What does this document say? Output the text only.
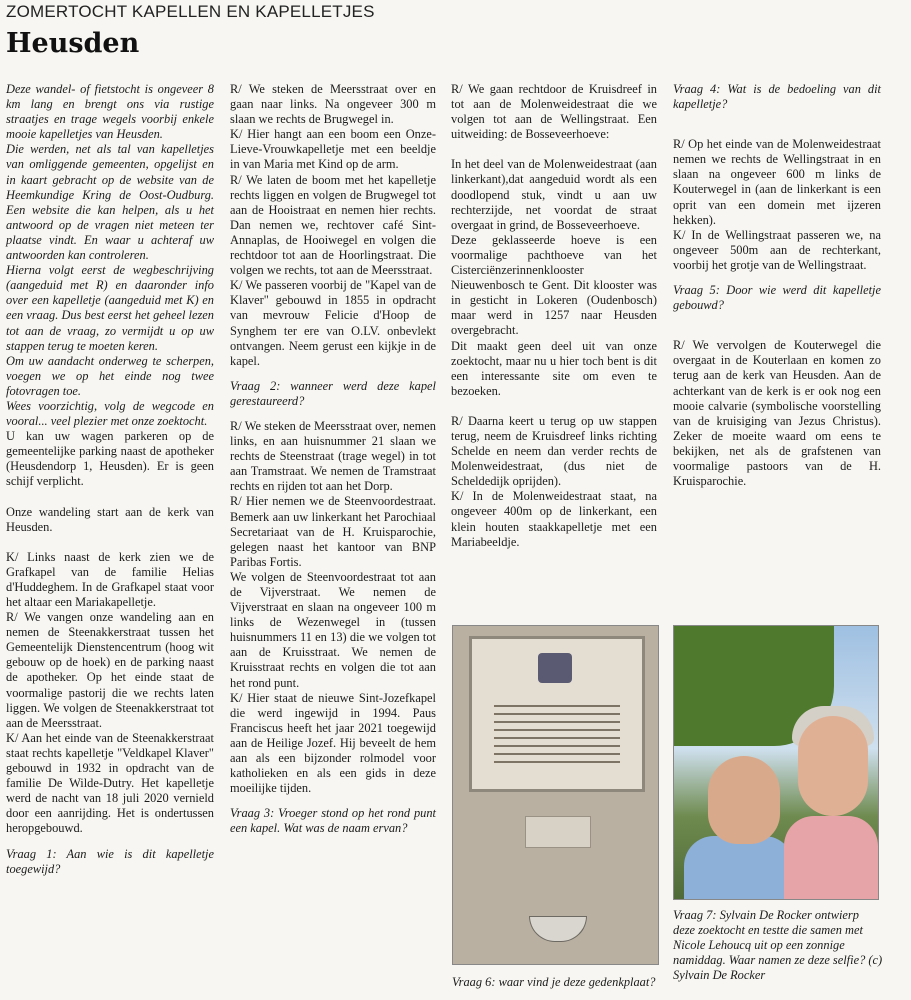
ZOMERTOCHT KAPELLEN EN KAPELLETJES
Heusden

Deze wandel- of fietstocht is ongeveer 8 km lang en brengt ons via rustige straatjes en trage wegels voorbij enkele mooie kapelletjes van Heusden.

Die werden, net als tal van kapelletjes van omliggende gemeenten, opgelijst en in kaart gebracht op de website van de Heemkundige Kring de Oost-Oudburg. Een website die kan helpen, als u het antwoord op de vragen niet meteen ter plaatse vindt. En waar u achteraf uw antwoorden kan controleren.

Hierna volgt eerst de wegbeschrijving (aangeduid met R) en daaronder info over een kapelletje (aangeduid met K) en een vraag. Dus best eerst het geheel lezen tot aan de vraag, zo vermijdt u op uw stappen terug te moeten keren.

Om uw aandacht onderweg te scherpen, voegen we op het einde nog twee fotovragen toe.

Wees voorzichtig, volg de wegcode en vooral... veel plezier met onze zoektocht.

U kan uw wagen parkeren op de gemeentelijke parking naast de apotheker (Heusdendorp 1, Heusden). Er is geen schijf verplicht.

Onze wandeling start aan de kerk van Heusden.

K/ Links naast de kerk zien we de Grafkapel van de familie Helias d'Huddeghem. In de Grafkapel staat voor het altaar een Mariakapelletje.

R/ We vangen onze wandeling aan en nemen de Steenakkerstraat tussen het Gemeentelijk Dienstencentrum (hoog wit gebouw op de hoek) en de parking naast de apotheker. Op het einde staat de voormalige pastorij die we rechts laten liggen. We volgen de Steenakkerstraat tot aan de Meersstraat.

K/ Aan het einde van de Steenakkerstraat staat rechts kapelletje "Veldkapel Klaver" gebouwd in 1932 in opdracht van de familie De Wilde-Dutry. Het kapelletje werd de nacht van 18 juli 2020 vernield door een aanrijding. Het is ondertussen heropgebouwd.

Vraag 1: Aan wie is dit kapelletje toegewijd?

R/ We steken de Meersstraat over en gaan naar links. Na ongeveer 300 m slaan we rechts de Brugwegel in.

K/ Hier hangt aan een boom een Onze-Lieve-Vrouwkapelletje met een beeldje in van Maria met Kind op de arm.

R/ We laten de boom met het kapelletje rechts liggen en volgen de Brugwegel tot aan de Hooistraat en nemen hier rechts. Dan nemen we, rechtover café Sint-Annaplas, de Hooiwegel en volgen die rechtdoor tot aan de Hoorlingstraat. Die volgen we rechts, tot aan de Meersstraat.

K/ We passeren voorbij de "Kapel van de Klaver" gebouwd in 1855 in opdracht van mevrouw Felicie d'Hoop de Synghem ter ere van O.LV. onbevlekt ontvangen. Neem gerust een kijkje in de kapel.

Vraag 2: wanneer werd deze kapel gerestaureerd?

R/ We steken de Meersstraat over, nemen links, en aan huisnummer 21 slaan we rechts de Steenstraat (trage wegel) in tot aan Tramstraat. We nemen de Tramstraat rechts en rijden tot aan het Dorp.

R/ Hier nemen we de Steenvoordestraat. Bemerk aan uw linkerkant het Parochiaal Secretariaat van de H. Kruisparochie, gelegen naast het kantoor van BNP Paribas Fortis.

We volgen de Steenvoordestraat tot aan de Vijverstraat. We nemen de Vijverstraat en slaan na ongeveer 100 m links de Wezenwegel in (tussen huisnummers 11 en 13) die we volgen tot aan de Kruisstraat. We nemen de Kruisstraat rechts en volgen die tot aan het rond punt.

K/ Hier staat de nieuwe Sint-Jozefkapel die werd ingewijd in 1994. Paus Franciscus heeft het jaar 2021 toegewijd aan de Heilige Jozef. Hij beveelt de hem aan als een bijzonder rolmodel voor katholieken en als een gids in deze moeilijke tijden.

Vraag 3: Vroeger stond op het rond punt een kapel. Wat was de naam ervan?

R/ We gaan rechtdoor de Kruisdreef in tot aan de Molenweidestraat die we volgen tot aan de Wellingstraat. Een uitweiding: de Bosseveerhoeve:

In het deel van de Molenweidestraat (aan linkerkant),dat aangeduid wordt als een doodlopend stuk, vindt u aan uw rechterzijde, net voordat de straat overgaat in grind, de Bosseveerhoeve.

Deze geklasseerde hoeve is een voormalige pachthoeve van het Cisterciënzerinnenklooster Nieuwenbosch te Gent. Dit klooster was in gesticht in Lokeren (Oudenbosch) maar werd in 1257 naar Heusden overgebracht.

Dit maakt geen deel uit van onze zoektocht, maar nu u hier toch bent is dit een interessante site om even te bezoeken.

R/ Daarna keert u terug op uw stappen terug, neem de Kruisdreef links richting Schelde en neem dan verder rechts de Molenweidestraat, (dus niet de Scheldedijk oprijden).

K/ In de Molenweidestraat staat, na ongeveer 400m op de linkerkant, een klein houten staakkapelletje met een Mariabeeldje.

Vraag 4: Wat is de bedoeling van dit kapelletje?

R/ Op het einde van de Molenweidestraat nemen we rechts de Wellingstraat in en slaan na ongeveer 600 m links de Kouterwegel in (aan de linkerkant is een oprit van een domein met ijzeren hekken).

K/ In de Wellingstraat passeren we, na ongeveer 500m aan de rechterkant, voorbij het grotje van de Wellingstraat.

Vraag 5: Door wie werd dit kapelletje gebouwd?

R/ We vervolgen de Kouterwegel die overgaat in de Kouterlaan en komen zo terug aan de kerk van Heusden. Aan de achterkant van de kerk is er ook nog een mooie calvarie (symbolische voorstelling van de kruisiging van Jezus Christus). Zeker de moeite waard om eens te bekijken, net als de grafstenen van voormalige pastoors van de H. Kruisparochie.

Vraag 6: waar vind je deze gedenkplaat?
Vraag 7: Sylvain De Rocker ontwierp deze zoektocht en testte die samen met Nicole Lehoucq uit op een zonnige namiddag. Waar namen ze deze selfie? (c) Sylvain De Rocker
